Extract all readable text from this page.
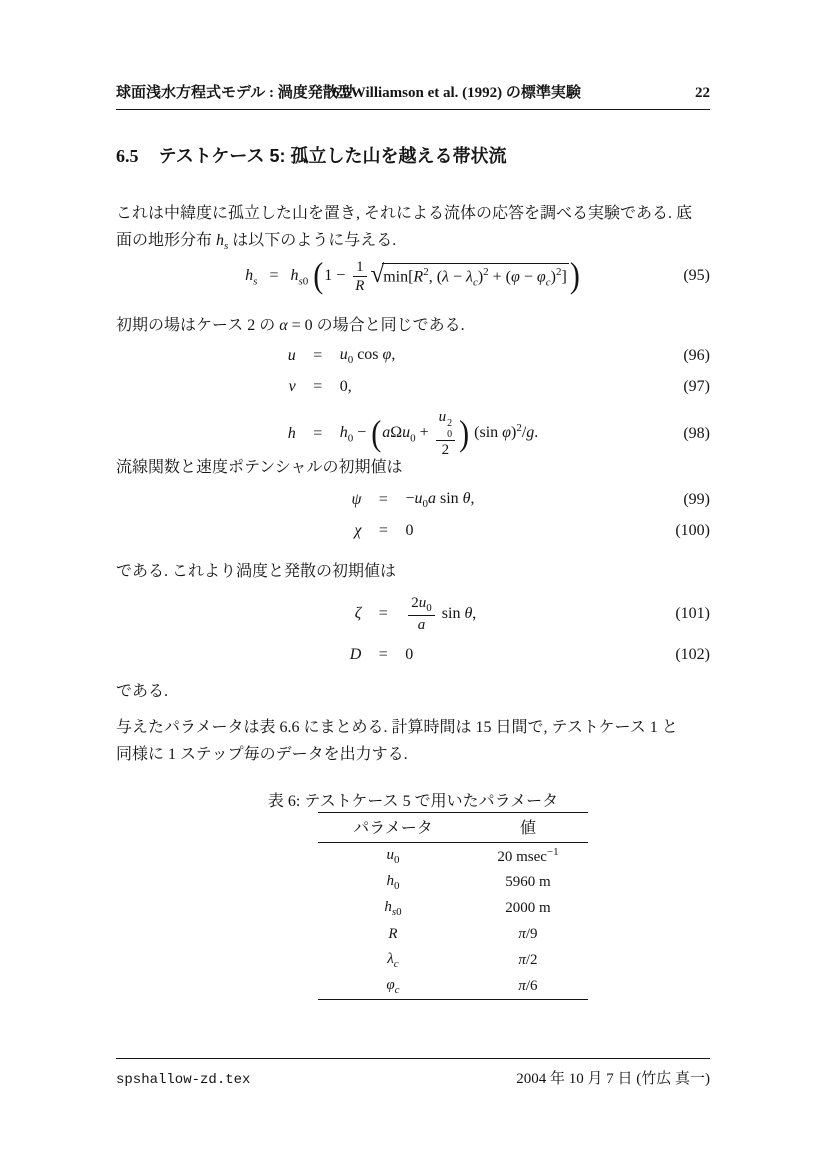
球面浅水方程式モデル : 渦度発散型
6.5Williamson et al. (1992) の標準実験	22
6.5 テストケース 5: 孤立した山を越える帯状流
これは中緯度に孤立した山を置き, それによる流体の応答を調べる実験である. 底
面の地形分布 $h_s$ は以下のように与える.
$h_s = h_{s0}$ ($1 - \frac{1}{R} √\min[R^2$, $(\lambda - \lambda_c)^2 + (\varphi - \varphi_c)^2$] )	(95)
初期の場はケース 2 の α = 0 の場合と同じである.
u	=	$u_0$ cos φ,	(96)
v	=	0,	(97)
h	=	$h_0 - (a\Omega u_0 + u$ 2
0
2 ) (sin φ)$^2$/g.	(98)
流線関数と速度ポテンシャルの初期値は
ψ	=	$-u_0a$ sin θ,	(99)
χ	=	0	(100)
である. これより渦度と発散の初期値は
ζ	=	$\frac{2u_0}{a}$ sin θ,	(101)
D	=	0	(102)
である.
与えたパラメータは表 6.6 にまとめる. 計算時間は 15 日間で, テストケース 1 と
同様に 1 ステップ毎のデータを出力する.
表 6: テストケース 5 で用いたパラメータ
パラメータ	値
$u_0$	20 msec$^{-1}$
$h_0$	5960 m
$h_{s0}$	2000 m
R	π/9
$\lambda_c$	π/2
$\varphi_c$	π/6
spshallow-zd.tex	2004 年 10 月 7 日 (竹広 真一)
